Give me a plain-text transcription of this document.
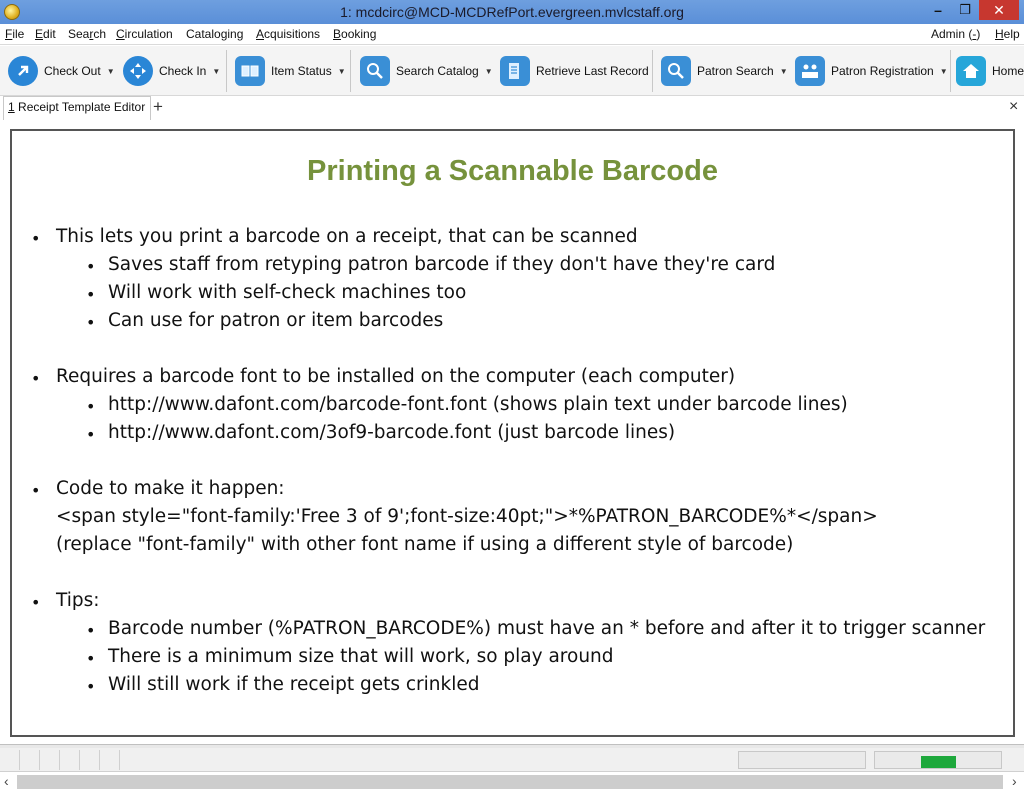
1: mcdcirc@MCD-MCDRefPort.evergreen.mvlcstaff.org	–	❐	✕
File Edit Search Circulation Cataloging Acquisitions Booking	Admin (-) Help
Check Out ▼	Check In ▼	Item Status ▼	Search Catalog ▼	Retrieve Last Record	Patron Search ▼	Patron Registration ▼	Home
1 Receipt Template Editor +	×
Printing a Scannable Barcode
• This lets you print a barcode on a receipt, that can be scanned
• Saves staff from retyping patron barcode if they don't have they're card
• Will work with self-check machines too
• Can use for patron or item barcodes
• Requires a barcode font to be installed on the computer (each computer)
• http://www.dafont.com/barcode-font.font (shows plain text under barcode lines)
• http://www.dafont.com/3of9-barcode.font (just barcode lines)
• Code to make it happen:
<span style="font-family:'Free 3 of 9';font-size:40pt;">*%PATRON_BARCODE%*</span>
(replace "font-family" with other font name if using a different style of barcode)
• Tips:
• Barcode number (%PATRON_BARCODE%) must have an * before and after it to trigger scanner
• There is a minimum size that will work, so play around
• Will still work if the receipt gets crinkled
‹	›
